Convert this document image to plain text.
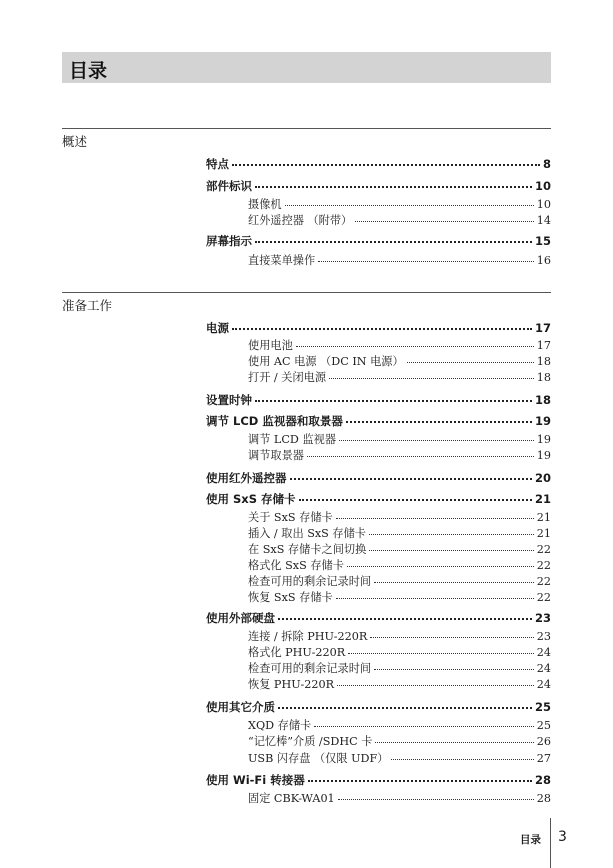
目录
概述
特点	8
部件标识	10
摄像机	10
红外遥控器 （附带）	14
屏幕指示	15
直接菜单操作	16
准备工作
电源	17
使用电池	17
使用 AC 电源 （DC IN 电源）	18
打开 / 关闭电源	18
设置时钟	18
调节 LCD 监视器和取景器	19
调节 LCD 监视器	19
调节取景器	19
使用红外遥控器	20
使用 SxS 存储卡	21
关于 SxS 存储卡	21
插入 / 取出 SxS 存储卡	21
在 SxS 存储卡之间切换	22
格式化 SxS 存储卡	22
检查可用的剩余记录时间	22
恢复 SxS 存储卡	22
使用外部硬盘	23
连接 / 拆除 PHU-220R	23
格式化 PHU-220R	24
检查可用的剩余记录时间	24
恢复 PHU-220R	24
使用其它介质	25
XQD 存储卡	25
“记忆棒”介质 /SDHC 卡	26
USB 闪存盘 （仅限 UDF）	27
使用 Wi-Fi 转接器	28
固定 CBK-WA01	28
目录 3
